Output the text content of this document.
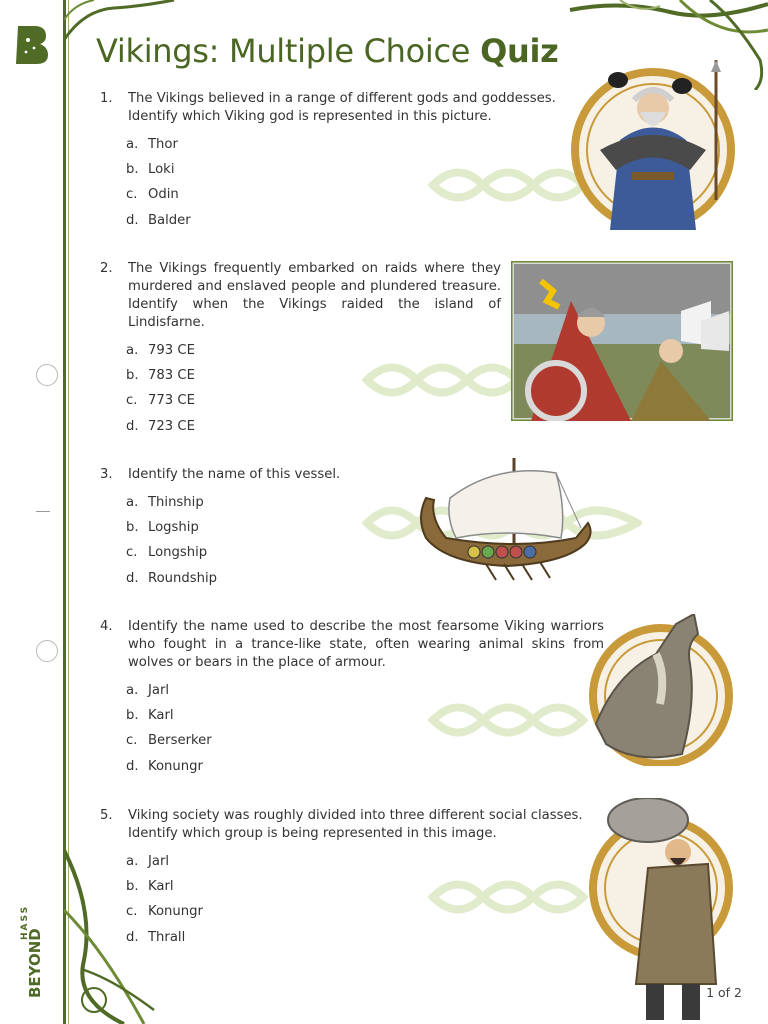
BEYOND
HASS
Vikings: Multiple Choice Quiz
1.	The Vikings believed in a range of different gods and goddesses. Identify which Viking god is represented in this picture.
a. Thor
b. Loki
c. Odin
d. Balder
2.	The Vikings frequently embarked on raids where they murdered and enslaved people and plundered treasure. Identify when the Vikings raided the island of Lindisfarne.
a. 793 CE
b. 783 CE
c. 773 CE
d. 723 CE
3.	Identify the name of this vessel.
a. Thinship
b. Logship
c. Longship
d. Roundship
4.	Identify the name used to describe the most fearsome Viking warriors who fought in a trance-like state, often wearing animal skins from wolves or bears in the place of armour.
a. Jarl
b. Karl
c. Berserker
d. Konungr
5.	Viking society was roughly divided into three different social classes. Identify which group is being represented in this image.
a. Jarl
b. Karl
c. Konungr
d. Thrall
1 of 2
